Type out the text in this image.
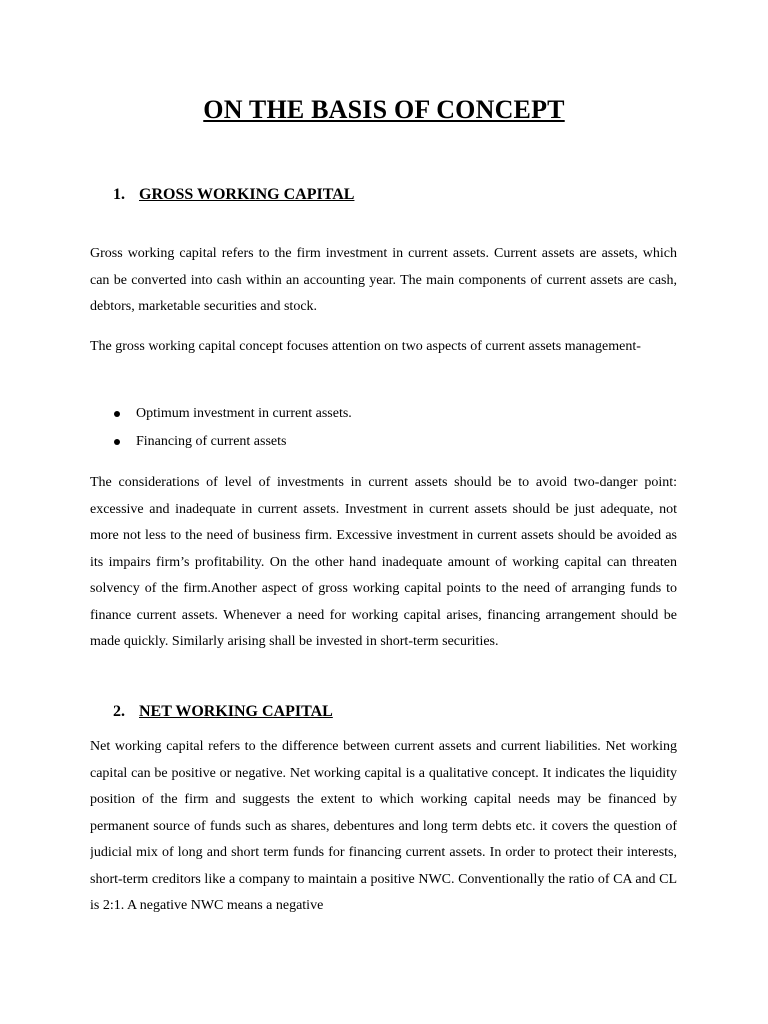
ON THE BASIS OF CONCEPT
1. GROSS WORKING CAPITAL

Gross working capital refers to the firm investment in current assets. Current assets are assets, which can be converted into cash within an accounting year. The main components of current assets are cash, debtors, marketable securities and stock.

The gross working capital concept focuses attention on two aspects of current assets management-

Optimum investment in current assets.
Financing of current assets

The considerations of level of investments in current assets should be to avoid two-danger point: excessive and inadequate in current assets. Investment in current assets should be just adequate, not more not less to the need of business firm. Excessive investment in current assets should be avoided as its impairs firm’s profitability. On the other hand inadequate amount of working capital can threaten solvency of the firm.Another aspect of gross working capital points to the need of arranging funds to finance current assets. Whenever a need for working capital arises, financing arrangement should be made quickly. Similarly arising shall be invested in short-term securities.

2. NET WORKING CAPITAL

Net working capital refers to the difference between current assets and current liabilities. Net working capital can be positive or negative. Net working capital is a qualitative concept. It indicates the liquidity position of the firm and suggests the extent to which working capital needs may be financed by permanent source of funds such as shares, debentures and long term debts etc. it covers the question of judicial mix of long and short term funds for financing current assets. In order to protect their interests, short-term creditors like a company to maintain a positive NWC. Conventionally the ratio of CA and CL is 2:1. A negative NWC means a negative
